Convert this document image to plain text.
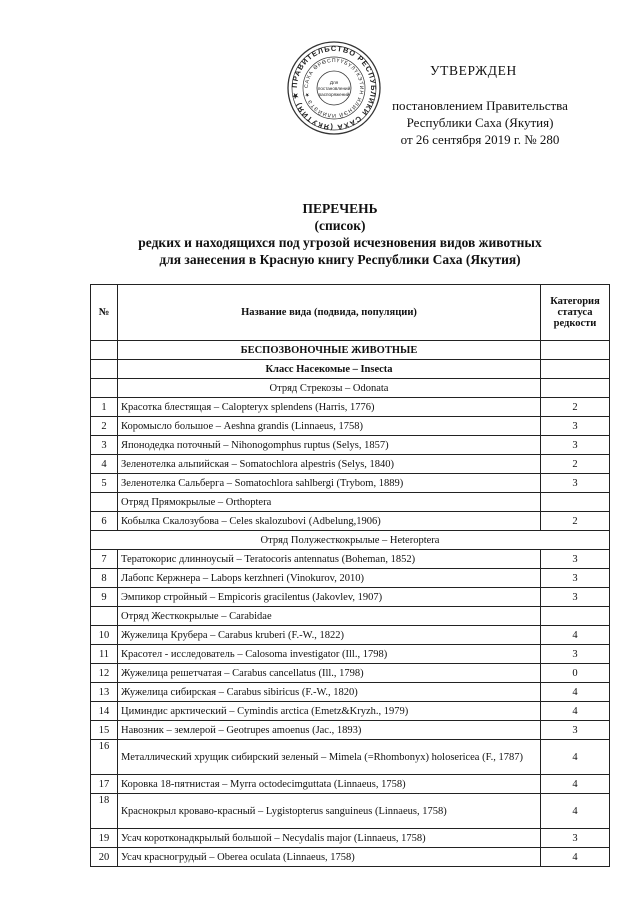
ПРАВИТЕЛЬСТВО РЕСПУБЛИКИ САХА (ЯКУТИЯ) ★
САХА ӨРӨСПҮҮБҮЛҮКЭТИН ИЛИНЭЙ ИЛИЙЭТЭ ★
Для
постановлений
распоряжений
УТВЕРЖДЕН
постановлением Правительства
Республики Саха (Якутия)
от 26 сентября 2019 г. № 280
ПЕРЕЧЕНЬ
(список)
редких и находящихся под угрозой исчезновения видов животных
для занесения в Красную книгу Республики Саха (Якутия)
№	Название вида (подвида, популяции)	Категория статуса редкости
	БЕСПОЗВОНОЧНЫЕ ЖИВОТНЫЕ	
	Класс Насекомые – Insecta	
	Отряд Стрекозы – Odonata	
1	Красотка блестящая – Calopteryx splendens (Harris, 1776)	2
2	Коромысло большое – Aeshna grandis (Linnaeus, 1758)	3
3	Японодедка поточный – Nihonogomphus ruptus (Selys, 1857)	3
4	Зеленотелка альпийская – Somatochlora alpestris (Selys, 1840)	2
5	Зеленотелка Сальберга – Somatochlora sahlbergi (Trybom, 1889)	3
	Отряд Прямокрылые – Orthoptera	
6	Кобылка Скалозубова – Celes skalozubovi (Adbelung,1906)	2
Отряд Полужесткокрылые – Heteroptera		
7	Тератокорис длинноусый – Teratocoris antennatus (Boheman, 1852)	3
8	Лабопс Кержнера – Labops kerzhneri (Vinokurov, 2010)	3
9	Эмпикор стройный – Empicoris gracilentus (Jakovlev, 1907)	3
	Отряд Жесткокрылые – Carabidae	
10	Жужелица Крубера – Carabus kruberi (F.-W., 1822)	4
11	Красотел - исследователь – Calosoma investigator (Ill., 1798)	3
12	Жужелица решетчатая – Carabus cancellatus (Ill., 1798)	0
13	Жужелица сибирская – Carabus sibiricus (F.-W., 1820)	4
14	Циминдис арктический – Cymindis arctica (Emetz&Kryzh., 1979)	4
15	Навозник – землерой – Geotrupes amoenus (Jac., 1893)	3
16	Металлический хрущик сибирский зеленый – Mimela (=Rhombonyx) holosericea (F., 1787)	4
17	Коровка 18-пятнистая – Myrra octodecimguttata (Linnaeus, 1758)	4
18	Краснокрыл кроваво-красный – Lygistopterus sanguineus (Linnaeus, 1758)	4
19	Усач коротконадкрылый большой – Necydalis major (Linnaeus, 1758)	3
20	Усач красногрудый – Oberea oculata (Linnaeus, 1758)	4
